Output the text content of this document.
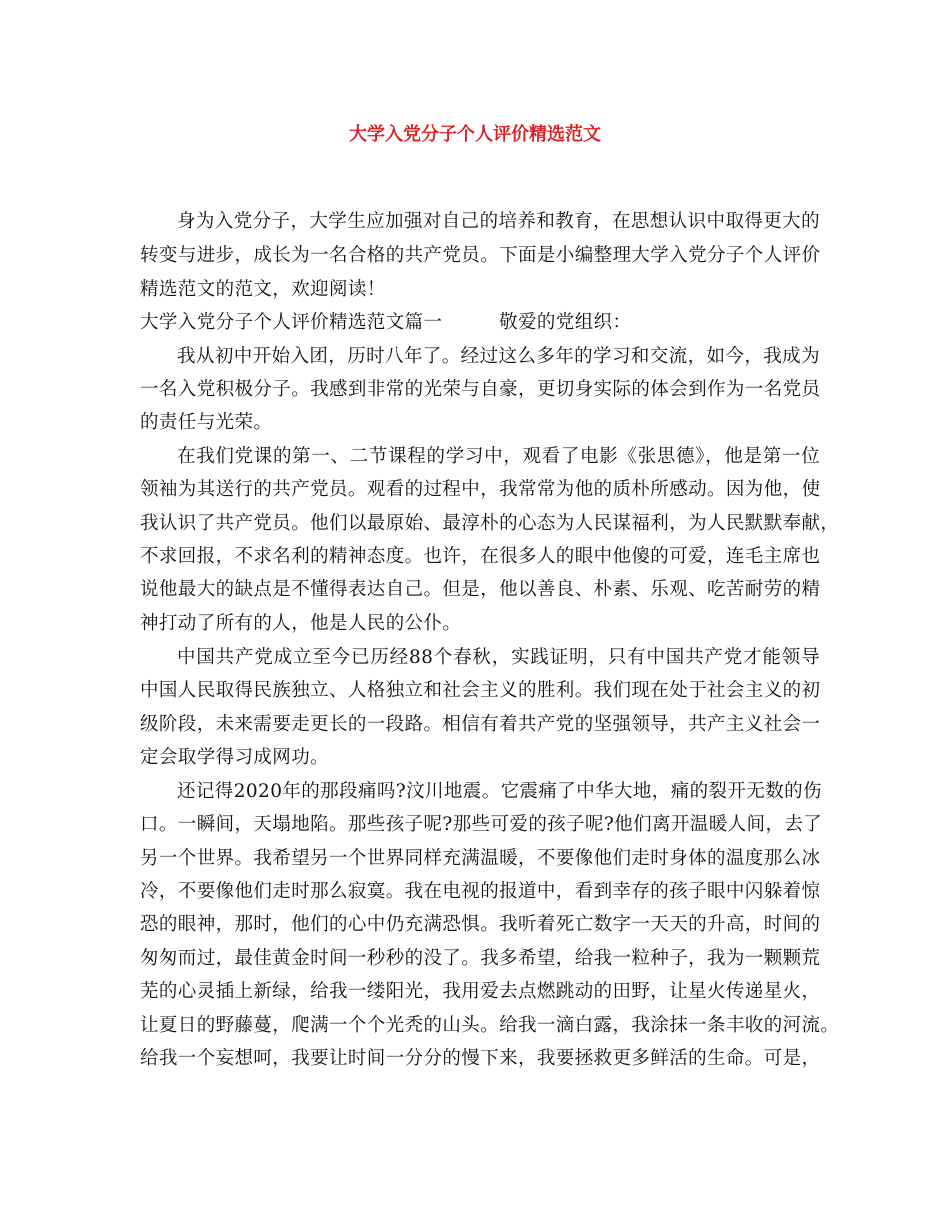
大学入党分子个人评价精选范文
身为入党分子，大学生应加强对自己的培养和教育，在思想认识中取得更大的
转变与进步，成长为一名合格的共产党员。下面是小编整理大学入党分子个人评价
精选范文的范文，欢迎阅读！
大学入党分子个人评价精选范文篇一　　　敬爱的党组织：
我从初中开始入团，历时八年了。经过这么多年的学习和交流，如今，我成为
一名入党积极分子。我感到非常的光荣与自豪，更切身实际的体会到作为一名党员
的责任与光荣。
在我们党课的第一、二节课程的学习中，观看了电影《张思德》，他是第一位
领袖为其送行的共产党员。观看的过程中，我常常为他的质朴所感动。因为他，使
我认识了共产党员。他们以最原始、最淳朴的心态为人民谋福利，为人民默默奉献，
不求回报，不求名利的精神态度。也许，在很多人的眼中他傻的可爱，连毛主席也
说他最大的缺点是不懂得表达自己。但是，他以善良、朴素、乐观、吃苦耐劳的精
神打动了所有的人，他是人民的公仆。
中国共产党成立至今已历经88个春秋，实践证明，只有中国共产党才能领导
中国人民取得民族独立、人格独立和社会主义的胜利。我们现在处于社会主义的初
级阶段，未来需要走更长的一段路。相信有着共产党的坚强领导，共产主义社会一
定会取学得习成网功。
还记得2020年的那段痛吗?汶川地震。它震痛了中华大地，痛的裂开无数的伤
口。一瞬间，天塌地陷。那些孩子呢?那些可爱的孩子呢?他们离开温暖人间，去了
另一个世界。我希望另一个世界同样充满温暖，不要像他们走时身体的温度那么冰
冷，不要像他们走时那么寂寞。我在电视的报道中，看到幸存的孩子眼中闪躲着惊
恐的眼神，那时，他们的心中仍充满恐惧。我听着死亡数字一天天的升高，时间的
匆匆而过，最佳黄金时间一秒秒的没了。我多希望，给我一粒种子，我为一颗颗荒
芜的心灵插上新绿，给我一缕阳光，我用爱去点燃跳动的田野，让星火传递星火，
让夏日的野藤蔓，爬满一个个光秃的山头。给我一滴白露，我涂抹一条丰收的河流。
给我一个妄想呵，我要让时间一分分的慢下来，我要拯救更多鲜活的生命。可是，
